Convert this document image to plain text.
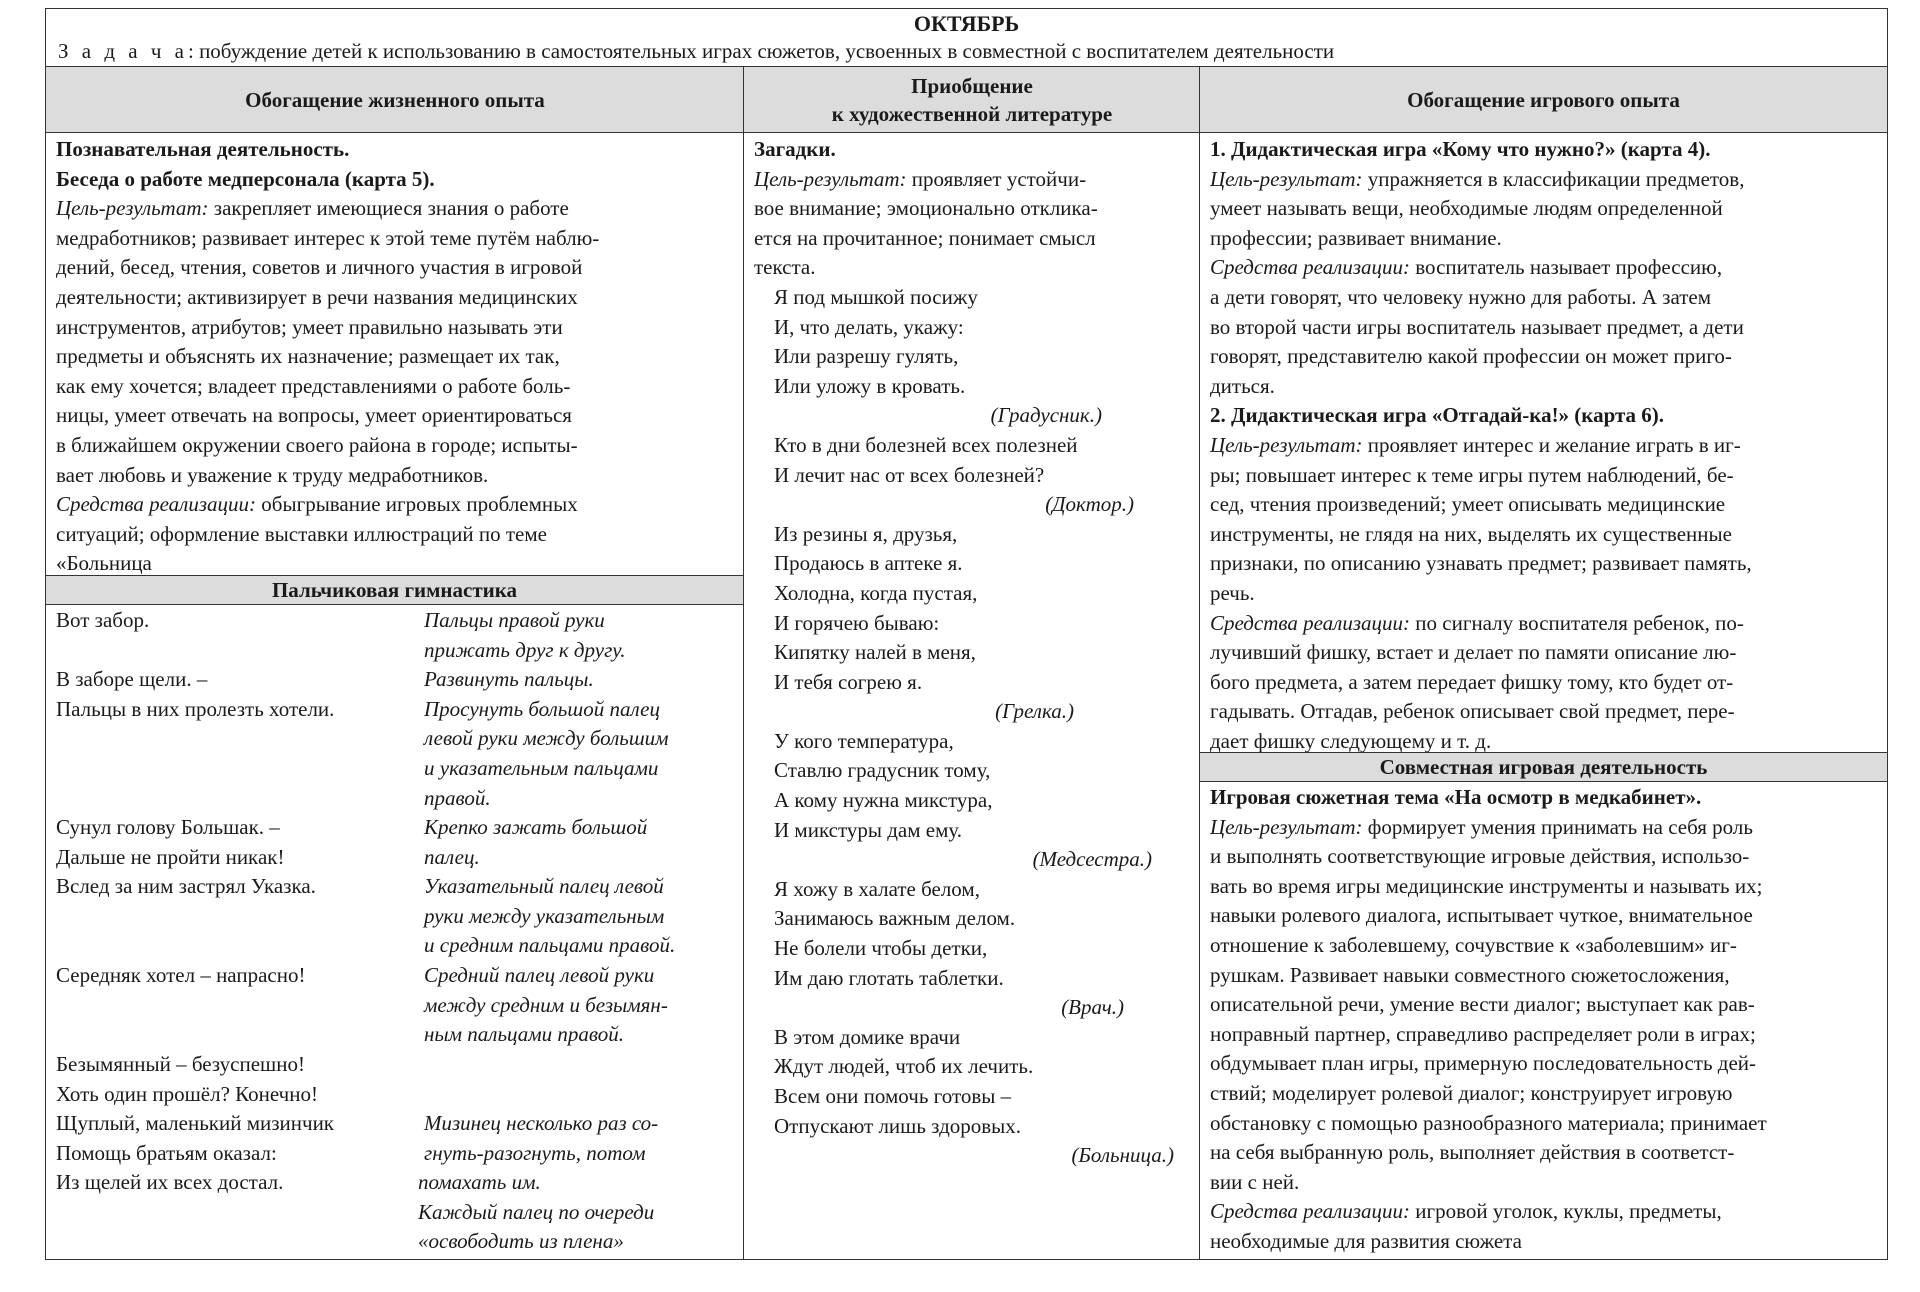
ОКТЯБРЬ
З а д а ч а: побуждение детей к использованию в самостоятельных играх сюжетов, усвоенных в совместной с воспитателем деятельности
Обогащение жизненного опыта
Приобщение
к художественной литературе
Обогащение игрового опыта
Познавательная деятельность.
Беседа о работе медперсонала (карта 5).
Цель-результат: закрепляет имеющиеся знания о работе
медработников; развивает интерес к этой теме путём наблю-
дений, бесед, чтения, советов и личного участия в игровой
деятельности; активизирует в речи названия медицинских
инструментов, атрибутов; умеет правильно называть эти
предметы и объяснять их назначение; размещает их так,
как ему хочется; владеет представлениями о работе боль-
ницы, умеет отвечать на вопросы, умеет ориентироваться
в ближайшем окружении своего района в городе; испыты-
вает любовь и уважение к труду медработников.
Средства реализации: обыгрывание игровых проблемных
ситуаций; оформление выставки иллюстраций по теме
«Больница
Пальчиковая гимнастика
Вот забор.
В заборе щели. –
Пальцы в них пролезть хотели.
Сунул голову Большак. –
Дальше не пройти никак!
Вслед за ним застрял Указка.
Середняк хотел – напрасно!
Безымянный – безуспешно!
Хоть один прошёл? Конечно!
Щуплый, маленький мизинчик
Помощь братьям оказал:
Из щелей их всех достал.
Пальцы правой руки
прижать друг к другу.
Развинуть пальцы.
Просунуть большой палец
левой руки между большим
и указательным пальцами
правой.
Крепко зажать большой
палец.
Указательный палец левой
руки между указательным
и средним пальцами правой.
Средний палец левой руки
между средним и безымян-
ным пальцами правой.
Мизинец несколько раз со-
гнуть-разогнуть, потом
помахать им.
Каждый палец по очереди
«освободить из плена»
Загадки.
Цель-результат: проявляет устойчи-
вое внимание; эмоционально отклика-
ется на прочитанное; понимает смысл
текста.
Я под мышкой посижу
И, что делать, укажу:
Или разрешу гулять,
Или уложу в кровать.
(Градусник.)
Кто в дни болезней всех полезней
И лечит нас от всех болезней?
(Доктор.)
Из резины я, друзья,
Продаюсь в аптеке я.
Холодна, когда пустая,
И горячею бываю:
Кипятку налей в меня,
И тебя согрею я.
(Грелка.)
У кого температура,
Ставлю градусник тому,
А кому нужна микстура,
И микстуры дам ему.
(Медсестра.)
Я хожу в халате белом,
Занимаюсь важным делом.
Не болели чтобы детки,
Им даю глотать таблетки.
(Врач.)
В этом домике врачи
Ждут людей, чтоб их лечить.
Всем они помочь готовы –
Отпускают лишь здоровых.
(Больница.)
1. Дидактическая игра «Кому что нужно?» (карта 4).
Цель-результат: упражняется в классификации предметов,
умеет называть вещи, необходимые людям определенной
профессии; развивает внимание.
Средства реализации: воспитатель называет профессию,
а дети говорят, что человеку нужно для работы. А затем
во второй части игры воспитатель называет предмет, а дети
говорят, представителю какой профессии он может приго-
диться.
2. Дидактическая игра «Отгадай-ка!» (карта 6).
Цель-результат: проявляет интерес и желание играть в иг-
ры; повышает интерес к теме игры путем наблюдений, бе-
сед, чтения произведений; умеет описывать медицинские
инструменты, не глядя на них, выделять их существенные
признаки, по описанию узнавать предмет; развивает память,
речь.
Средства реализации: по сигналу воспитателя ребенок, по-
лучивший фишку, встает и делает по памяти описание лю-
бого предмета, а затем передает фишку тому, кто будет от-
гадывать. Отгадав, ребенок описывает свой предмет, пере-
дает фишку следующему и т. д.
Совместная игровая деятельность
Игровая сюжетная тема «На осмотр в медкабинет».
Цель-результат: формирует умения принимать на себя роль
и выполнять соответствующие игровые действия, использо-
вать во время игры медицинские инструменты и называть их;
навыки ролевого диалога, испытывает чуткое, внимательное
отношение к заболевшему, сочувствие к «заболевшим» иг-
рушкам. Развивает навыки совместного сюжетосложения,
описательной речи, умение вести диалог; выступает как рав-
ноправный партнер, справедливо распределяет роли в играх;
обдумывает план игры, примерную последовательность дей-
ствий; моделирует ролевой диалог; конструирует игровую
обстановку с помощью разнообразного материала; принимает
на себя выбранную роль, выполняет действия в соответст-
вии с ней.
Средства реализации: игровой уголок, куклы, предметы,
необходимые для развития сюжета
